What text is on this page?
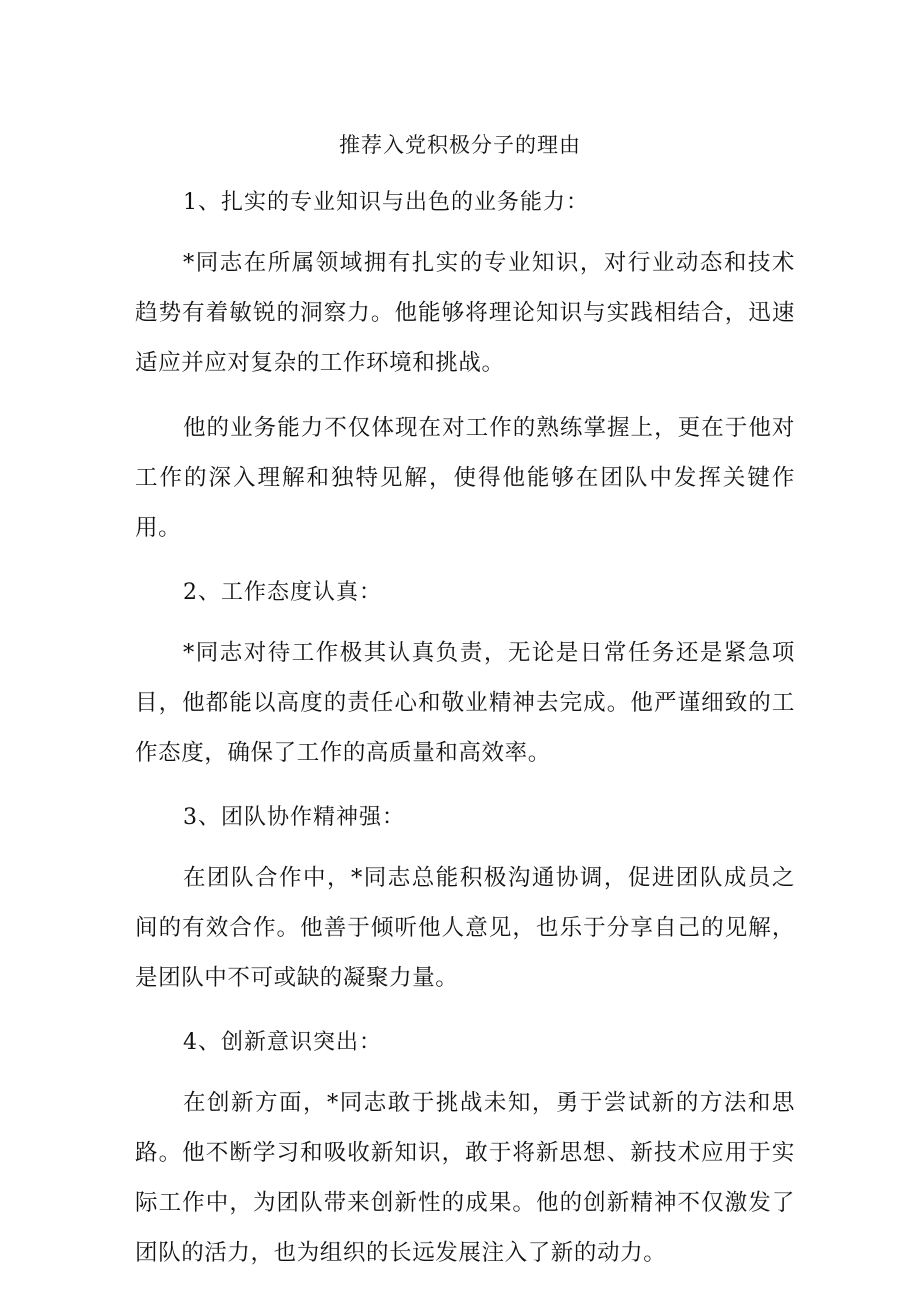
推荐入党积极分子的理由

1、扎实的专业知识与出色的业务能力：

*同志在所属领域拥有扎实的专业知识，对行业动态和技术趋势有着敏锐的洞察力。他能够将理论知识与实践相结合，迅速适应并应对复杂的工作环境和挑战。

他的业务能力不仅体现在对工作的熟练掌握上，更在于他对工作的深入理解和独特见解，使得他能够在团队中发挥关键作用。

2、工作态度认真：

*同志对待工作极其认真负责，无论是日常任务还是紧急项目，他都能以高度的责任心和敬业精神去完成。他严谨细致的工作态度，确保了工作的高质量和高效率。

3、团队协作精神强：

在团队合作中，*同志总能积极沟通协调，促进团队成员之间的有效合作。他善于倾听他人意见，也乐于分享自己的见解，是团队中不可或缺的凝聚力量。

4、创新意识突出：

在创新方面，*同志敢于挑战未知，勇于尝试新的方法和思路。他不断学习和吸收新知识，敢于将新思想、新技术应用于实际工作中，为团队带来创新性的成果。他的创新精神不仅激发了团队的活力，也为组织的长远发展注入了新的动力。
